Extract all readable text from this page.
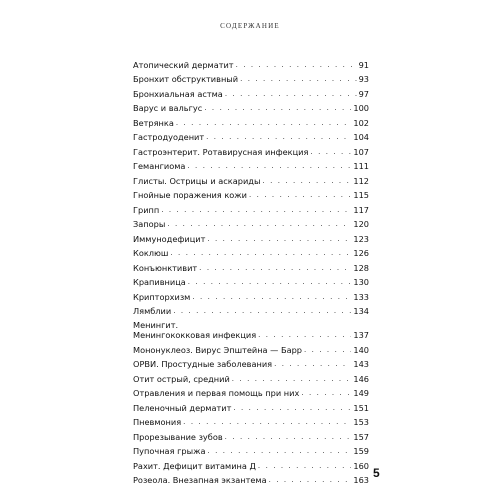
СОДЕРЖАНИЕ
Атопический дерматит . . .	91
Бронхит обструктивный . . .	93
Бронхиальная астма . . .	97
Варус и вальгус . . .	100
Ветрянка . . .	102
Гастродуоденит . . .	104
Гастроэнтерит. Ротавирусная инфекция . . .	107
Гемангиома . . .	111
Глисты. Острицы и аскариды . . .	112
Гнойные поражения кожи . . .	115
Грипп . . .	117
Запоры . . .	120
Иммунодефицит . . .	123
Коклюш . . .	126
Конъюнктивит . . .	128
Крапивница . . .	130
Крипторхизм . . .	133
Лямблии . . .	134
Менингит.
Менингококковая инфекция . . .	137
Мононуклеоз. Вирус Эпштейна — Барр . . .	140
ОРВИ. Простудные заболевания . . .	143
Отит острый, средний . . .	146
Отравления и первая помощь при них . . .	149
Пеленочный дерматит . . .	151
Пневмония . . .	153
Прорезывание зубов . . .	157
Пупочная грыжа . . .	159
Рахит. Дефицит витамина Д . . .	160
Розеола. Внезапная экзантема . . .	163 5
